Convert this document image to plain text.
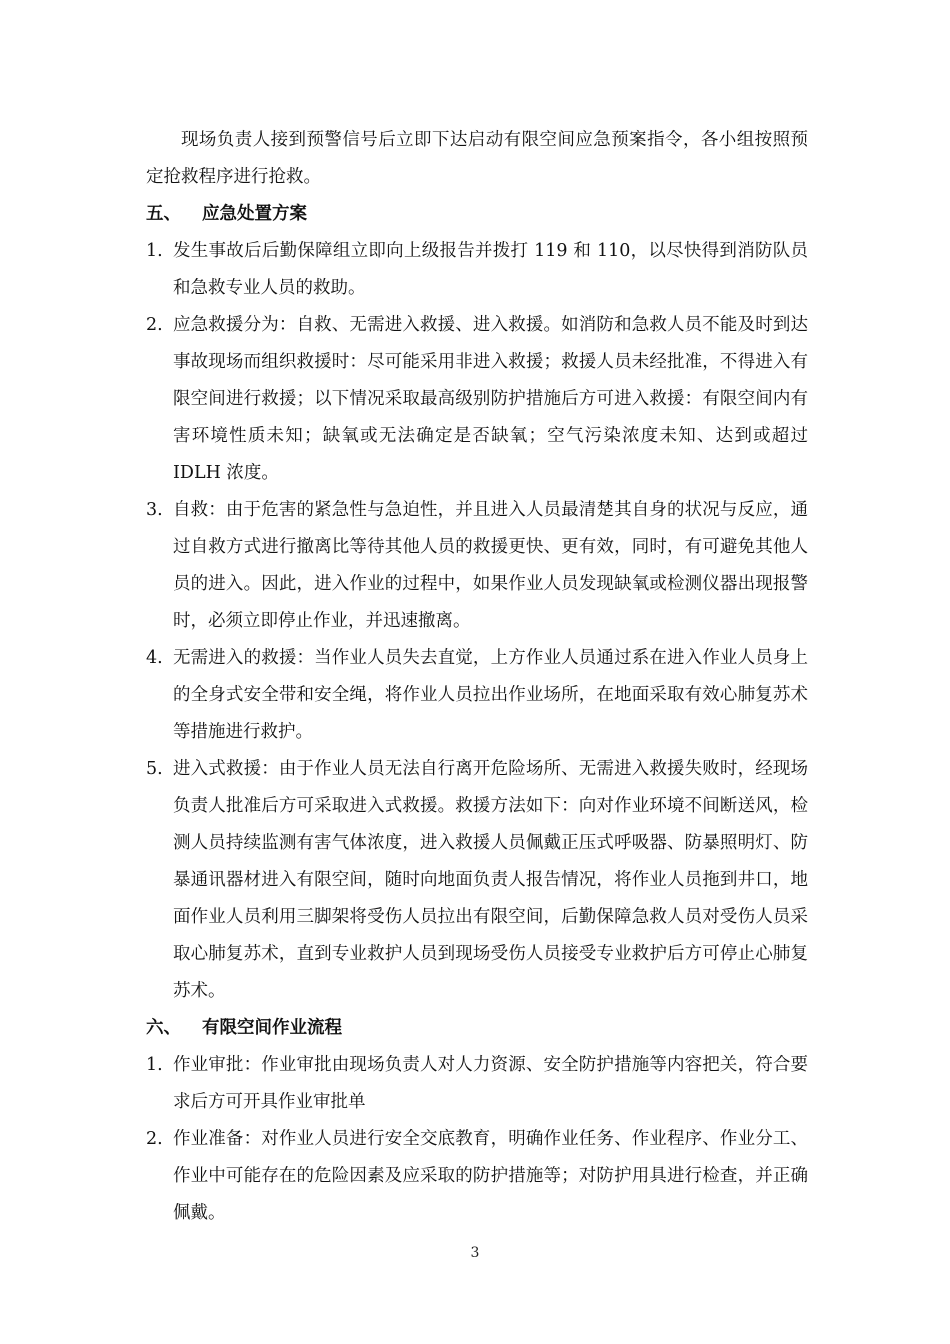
现场负责人接到预警信号后立即下达启动有限空间应急预案指令，各小组按照预定抢救程序进行抢救。

五、	应急处置方案
1. 发生事故后后勤保障组立即向上级报告并拨打 119 和 110，以尽快得到消防队员和急救专业人员的救助。
2. 应急救援分为：自救、无需进入救援、进入救援。如消防和急救人员不能及时到达事故现场而组织救援时：尽可能采用非进入救援；救援人员未经批准，不得进入有限空间进行救援；以下情况采取最高级别防护措施后方可进入救援：有限空间内有害环境性质未知；缺氧或无法确定是否缺氧；空气污染浓度未知、达到或超过 IDLH 浓度。
3. 自救：由于危害的紧急性与急迫性，并且进入人员最清楚其自身的状况与反应，通过自救方式进行撤离比等待其他人员的救援更快、更有效，同时，有可避免其他人员的进入。因此，进入作业的过程中，如果作业人员发现缺氧或检测仪器出现报警时，必须立即停止作业，并迅速撤离。
4. 无需进入的救援：当作业人员失去直觉，上方作业人员通过系在进入作业人员身上的全身式安全带和安全绳，将作业人员拉出作业场所，在地面采取有效心肺复苏术等措施进行救护。
5. 进入式救援：由于作业人员无法自行离开危险场所、无需进入救援失败时，经现场负责人批准后方可采取进入式救援。救援方法如下：向对作业环境不间断送风，检测人员持续监测有害气体浓度，进入救援人员佩戴正压式呼吸器、防暴照明灯、防暴通讯器材进入有限空间，随时向地面负责人报告情况，将作业人员拖到井口，地面作业人员利用三脚架将受伤人员拉出有限空间，后勤保障急救人员对受伤人员采取心肺复苏术，直到专业救护人员到现场受伤人员接受专业救护后方可停止心肺复苏术。
六、	有限空间作业流程
1. 作业审批：作业审批由现场负责人对人力资源、安全防护措施等内容把关，符合要求后方可开具作业审批单
2. 作业准备：对作业人员进行安全交底教育，明确作业任务、作业程序、作业分工、作业中可能存在的危险因素及应采取的防护措施等；对防护用具进行检查，并正确佩戴。
3
